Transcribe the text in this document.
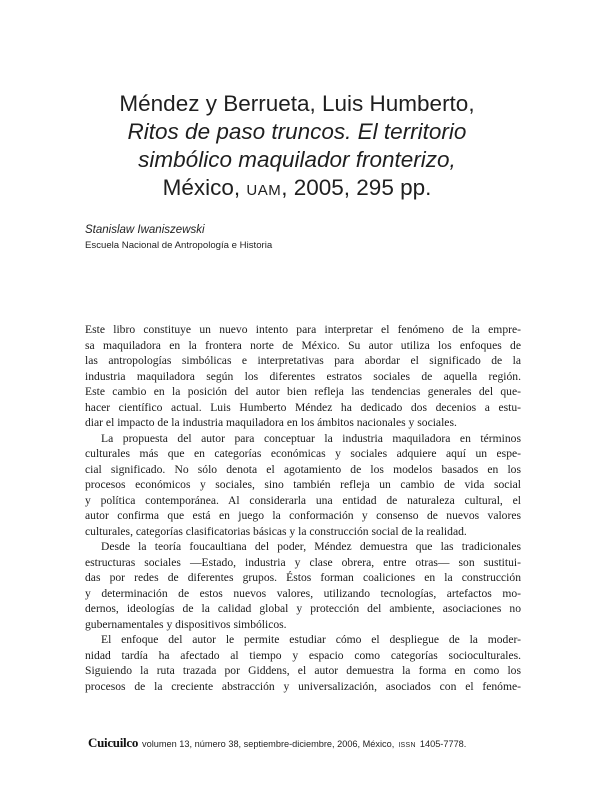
Méndez y Berrueta, Luis Humberto,
Ritos de paso truncos. El territorio
simbólico maquilador fronterizo,
México, UAM, 2005, 295 pp.
Stanislaw Iwaniszewski
Escuela Nacional de Antropología e Historia
Este libro constituye un nuevo intento para interpretar el fenómeno de la empre-
sa maquiladora en la frontera norte de México. Su autor utiliza los enfoques de
las antropologías simbólicas e interpretativas para abordar el significado de la
industria maquiladora según los diferentes estratos sociales de aquella región.
Este cambio en la posición del autor bien refleja las tendencias generales del que-
hacer científico actual. Luis Humberto Méndez ha dedicado dos decenios a estu-
diar el impacto de la industria maquiladora en los ámbitos nacionales y sociales.
La propuesta del autor para conceptuar la industria maquiladora en términos
culturales más que en categorías económicas y sociales adquiere aquí un espe-
cial significado. No sólo denota el agotamiento de los modelos basados en los
procesos económicos y sociales, sino también refleja un cambio de vida social
y política contemporánea. Al considerarla una entidad de naturaleza cultural, el
autor confirma que está en juego la conformación y consenso de nuevos valores
culturales, categorías clasificatorias básicas y la construcción social de la realidad.
Desde la teoría foucaultiana del poder, Méndez demuestra que las tradicionales
estructuras sociales —Estado, industria y clase obrera, entre otras— son sustitui-
das por redes de diferentes grupos. Éstos forman coaliciones en la construcción
y determinación de estos nuevos valores, utilizando tecnologías, artefactos mo-
dernos, ideologías de la calidad global y protección del ambiente, asociaciones no
gubernamentales y dispositivos simbólicos.
El enfoque del autor le permite estudiar cómo el despliegue de la moder-
nidad tardía ha afectado al tiempo y espacio como categorías socioculturales.
Siguiendo la ruta trazada por Giddens, el autor demuestra la forma en como los
procesos de la creciente abstracción y universalización, asociados con el fenóme-
Cuicuilco volumen 13, número 38, septiembre-diciembre, 2006, México, ISSN 1405-7778.
